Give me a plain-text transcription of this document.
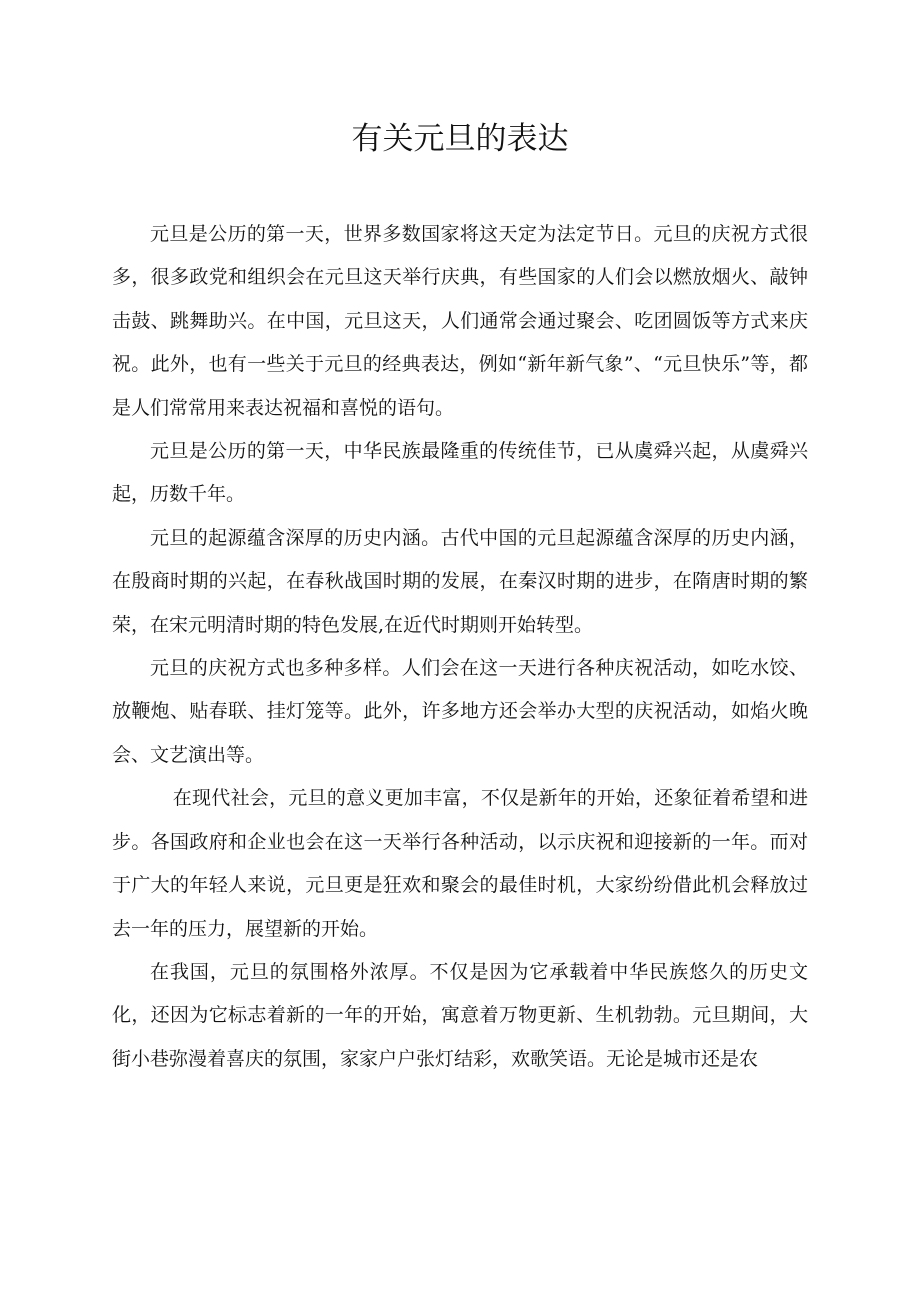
有关元旦的表达

元旦是公历的第一天，世界多数国家将这天定为法定节日。元旦的庆祝方式很多，很多政党和组织会在元旦这天举行庆典，有些国家的人们会以燃放烟火、敲钟击鼓、跳舞助兴。在中国，元旦这天，人们通常会通过聚会、吃团圆饭等方式来庆祝。此外，也有一些关于元旦的经典表达，例如“新年新气象”、“元旦快乐”等，都是人们常常用来表达祝福和喜悦的语句。

元旦是公历的第一天，中华民族最隆重的传统佳节，已从虞舜兴起，从虞舜兴起，历数千年。

元旦的起源蕴含深厚的历史内涵。古代中国的元旦起源蕴含深厚的历史内涵，在殷商时期的兴起，在春秋战国时期的发展，在秦汉时期的进步，在隋唐时期的繁荣，在宋元明清时期的特色发展,在近代时期则开始转型。

元旦的庆祝方式也多种多样。人们会在这一天进行各种庆祝活动，如吃水饺、放鞭炮、贴春联、挂灯笼等。此外，许多地方还会举办大型的庆祝活动，如焰火晚会、文艺演出等。

在现代社会，元旦的意义更加丰富，不仅是新年的开始，还象征着希望和进步。各国政府和企业也会在这一天举行各种活动，以示庆祝和迎接新的一年。而对于广大的年轻人来说，元旦更是狂欢和聚会的最佳时机，大家纷纷借此机会释放过去一年的压力，展望新的开始。

在我国，元旦的氛围格外浓厚。不仅是因为它承载着中华民族悠久的历史文化，还因为它标志着新的一年的开始，寓意着万物更新、生机勃勃。元旦期间，大街小巷弥漫着喜庆的氛围，家家户户张灯结彩，欢歌笑语。无论是城市还是农
